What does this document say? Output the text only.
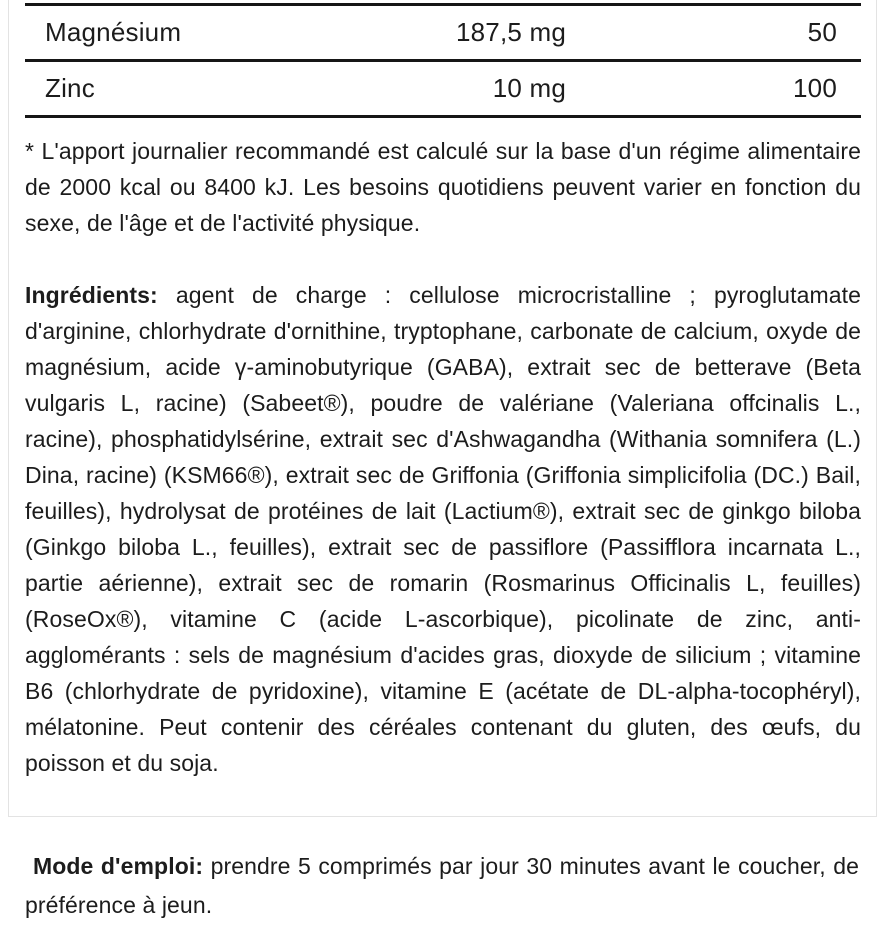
Magnésium	187,5 mg	50
Zinc	10 mg	100

* L'apport journalier recommandé est calculé sur la base d'un régime alimentaire de 2000 kcal ou 8400 kJ. Les besoins quotidiens peuvent varier en fonction du sexe, de l'âge et de l'activité physique.

Ingrédients: agent de charge : cellulose microcristalline ; pyroglutamate d'arginine, chlorhydrate d'ornithine, tryptophane, carbonate de calcium, oxyde de magnésium, acide γ-aminobutyrique (GABA), extrait sec de betterave (Beta vulgaris L, racine) (Sabeet®), poudre de valériane (Valeriana offcinalis L., racine), phosphatidylsérine, extrait sec d'Ashwagandha (Withania somnifera (L.) Dina, racine) (KSM66®), extrait sec de Griffonia (Griffonia simplicifolia (DC.) Bail, feuilles), hydrolysat de protéines de lait (Lactium®), extrait sec de ginkgo biloba (Ginkgo biloba L., feuilles), extrait sec de passiflore (Passifflora incarnata L., partie aérienne), extrait sec de romarin (Rosmarinus Officinalis L, feuilles) (RoseOx®), vitamine C (acide L-ascorbique), picolinate de zinc, anti-agglomérants : sels de magnésium d'acides gras, dioxyde de silicium ; vitamine B6 (chlorhydrate de pyridoxine), vitamine E (acétate de DL-alpha-tocophéryl), mélatonine. Peut contenir des céréales contenant du gluten, des œufs, du poisson et du soja.

Mode d'emploi: prendre 5 comprimés par jour 30 minutes avant le coucher, de préférence à jeun.
